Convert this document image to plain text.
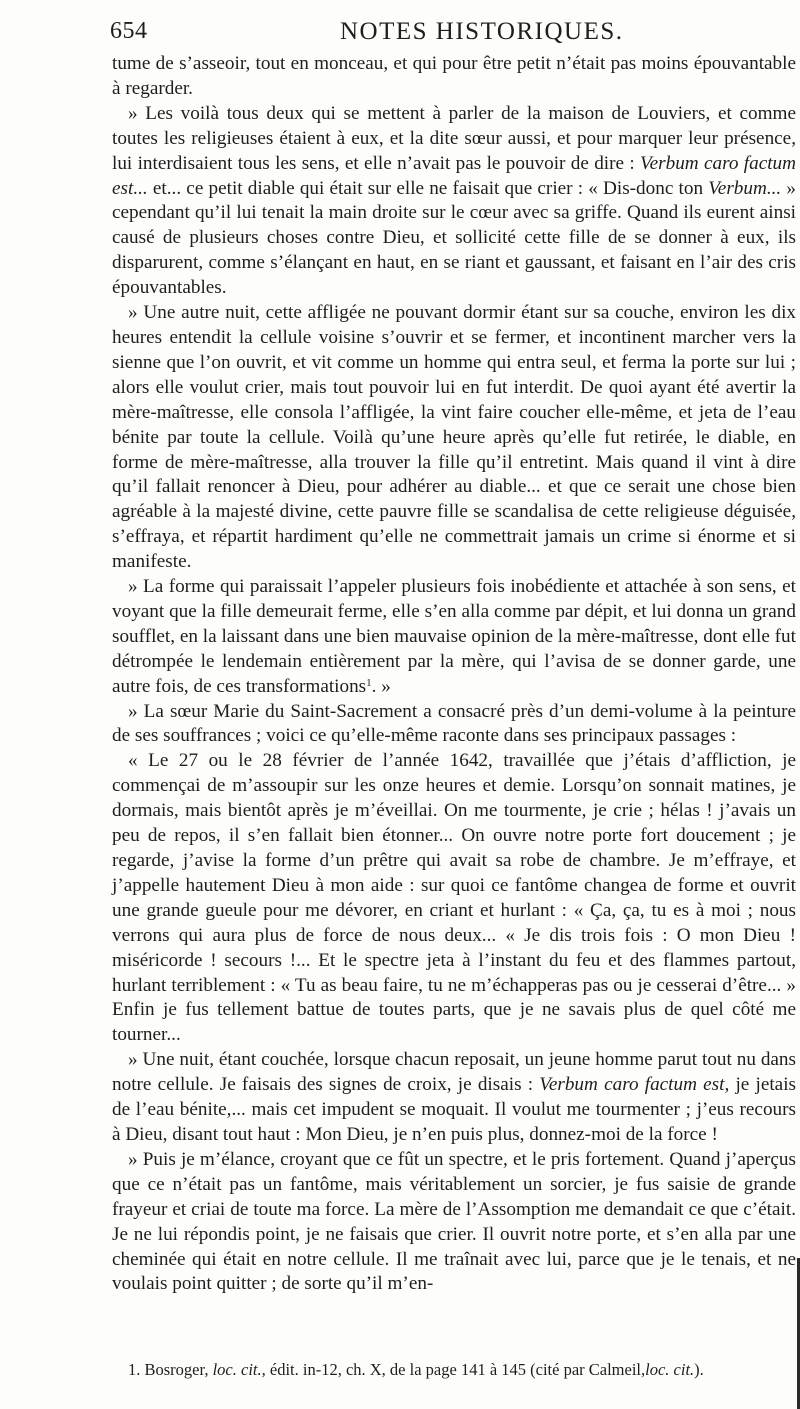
654	NOTES HISTORIQUES.

tume de s’asseoir, tout en monceau, et qui pour être petit n’était pas moins épouvantable à regarder.

» Les voilà tous deux qui se mettent à parler de la maison de Louviers, et comme toutes les religieuses étaient à eux, et la dite sœur aussi, et pour marquer leur présence, lui interdisaient tous les sens, et elle n’avait pas le pouvoir de dire : Verbum caro factum est... et... ce petit diable qui était sur elle ne faisait que crier : « Dis-donc ton Verbum... » cependant qu’il lui tenait la main droite sur le cœur avec sa griffe. Quand ils eurent ainsi causé de plusieurs choses contre Dieu, et sollicité cette fille de se donner à eux, ils disparurent, comme s’élançant en haut, en se riant et gaussant, et faisant en l’air des cris épouvantables.

» Une autre nuit, cette affligée ne pouvant dormir étant sur sa couche, environ les dix heures entendit la cellule voisine s’ouvrir et se fermer, et incontinent marcher vers la sienne que l’on ouvrit, et vit comme un homme qui entra seul, et ferma la porte sur lui ; alors elle voulut crier, mais tout pouvoir lui en fut interdit. De quoi ayant été avertir la mère-maîtresse, elle consola l’affligée, la vint faire coucher elle-même, et jeta de l’eau bénite par toute la cellule. Voilà qu’une heure après qu’elle fut retirée, le diable, en forme de mère-maîtresse, alla trouver la fille qu’il entretint. Mais quand il vint à dire qu’il fallait renoncer à Dieu, pour adhérer au diable... et que ce serait une chose bien agréable à la majesté divine, cette pauvre fille se scandalisa de cette religieuse déguisée, s’effraya, et répartit hardiment qu’elle ne commettrait jamais un crime si énorme et si manifeste.

» La forme qui paraissait l’appeler plusieurs fois inobédiente et attachée à son sens, et voyant que la fille demeurait ferme, elle s’en alla comme par dépit, et lui donna un grand soufflet, en la laissant dans une bien mauvaise opinion de la mère-maîtresse, dont elle fut détrompée le lendemain entièrement par la mère, qui l’avisa de se donner garde, une autre fois, de ces transformations$^1$. »

» La sœur Marie du Saint-Sacrement a consacré près d’un demi-volume à la peinture de ses souffrances ; voici ce qu’elle-même raconte dans ses principaux passages :

« Le 27 ou le 28 février de l’année 1642, travaillée que j’étais d’affliction, je commençai de m’assoupir sur les onze heures et demie. Lorsqu’on sonnait matines, je dormais, mais bientôt après je m’éveillai. On me tourmente, je crie ; hélas ! j’avais un peu de repos, il s’en fallait bien étonner... On ouvre notre porte fort doucement ; je regarde, j’avise la forme d’un prêtre qui avait sa robe de chambre. Je m’effraye, et j’appelle hautement Dieu à mon aide : sur quoi ce fantôme changea de forme et ouvrit une grande gueule pour me dévorer, en criant et hurlant : « Ça, ça, tu es à moi ; nous verrons qui aura plus de force de nous deux... « Je dis trois fois : O mon Dieu ! miséricorde ! secours !... Et le spectre jeta à l’instant du feu et des flammes partout, hurlant terriblement : « Tu as beau faire, tu ne m’échapperas pas ou je cesserai d’être... » Enfin je fus tellement battue de toutes parts, que je ne savais plus de quel côté me tourner...

» Une nuit, étant couchée, lorsque chacun reposait, un jeune homme parut tout nu dans notre cellule. Je faisais des signes de croix, je disais : Verbum caro factum est, je jetais de l’eau bénite,... mais cet impudent se moquait. Il voulut me tourmenter ; j’eus recours à Dieu, disant tout haut : Mon Dieu, je n’en puis plus, donnez-moi de la force !

» Puis je m’élance, croyant que ce fût un spectre, et le pris fortement. Quand j’aperçus que ce n’était pas un fantôme, mais véritablement un sorcier, je fus saisie de grande frayeur et criai de toute ma force. La mère de l’Assomption me demandait ce que c’était. Je ne lui répondis point, je ne faisais que crier. Il ouvrit notre porte, et s’en alla par une cheminée qui était en notre cellule. Il me traînait avec lui, parce que je le tenais, et ne voulais point quitter ; de sorte qu’il m’en-

1. Bosroger, loc. cit., édit. in-12, ch. X, de la page 141 à 145 (cité par Calmeil,loc. cit.).
